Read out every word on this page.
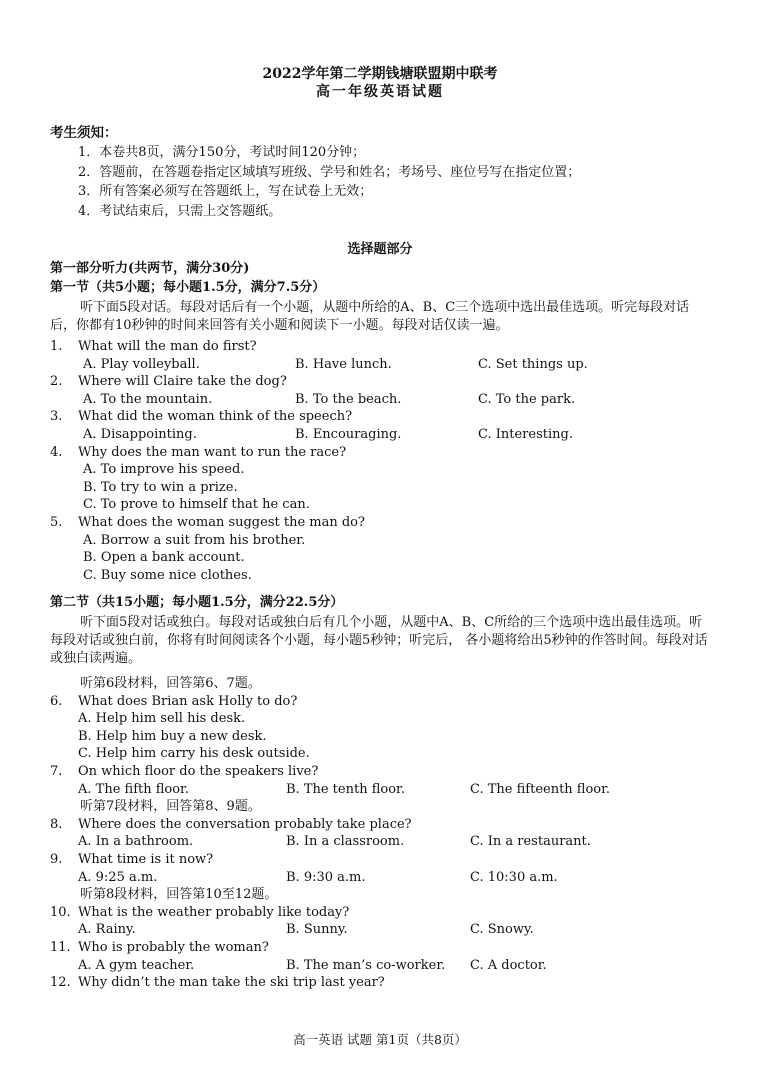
2022学年第二学期钱塘联盟期中联考
高一年级英语试题
考生须知：
1．本卷共8页，满分150分，考试时间120分钟；
2．答题前，在答题卷指定区域填写班级、学号和姓名；考场号、座位号写在指定位置；
3．所有答案必须写在答题纸上，写在试卷上无效；
4．考试结束后，只需上交答题纸。
选择题部分
第一部分听力(共两节，满分30分)
第一节（共5小题；每小题1.5分，满分7.5分）
听下面5段对话。每段对话后有一个小题，从题中所给的A、B、C三个选项中选出最佳选项。听完每段对话后，你都有10秒钟的时间来回答有关小题和阅读下一小题。每段对话仅读一遍。
1. What will the man do first?
A. Play volleyball.	B. Have lunch.	C. Set things up.
2. Where will Claire take the dog?
A. To the mountain.	B. To the beach.	C. To the park.
3. What did the woman think of the speech?
A. Disappointing.	B. Encouraging.	C. Interesting.
4. Why does the man want to run the race?
A. To improve his speed.
B. To try to win a prize.
C. To prove to himself that he can.
5. What does the woman suggest the man do?
A. Borrow a suit from his brother.
B. Open a bank account.
C. Buy some nice clothes.
第二节（共15小题；每小题1.5分，满分22.5分）
听下面5段对话或独白。每段对话或独白后有几个小题，从题中A、B、C所给的三个选项中选出最佳选项。听每段对话或独白前，你将有时间阅读各个小题，每小题5秒钟；听完后， 各小题将给出5秒钟的作答时间。每段对话或独白读两遍。
听第6段材料，回答第6、7题。
6. What does Brian ask Holly to do?
A. Help him sell his desk.
B. Help him buy a new desk.
C. Help him carry his desk outside.
7. On which floor do the speakers live?
A. The fifth floor.	B. The tenth floor.	C. The fifteenth floor.
听第7段材料，回答第8、9题。
8. Where does the conversation probably take place?
A. In a bathroom.	B. In a classroom.	C. In a restaurant.
9. What time is it now?
A. 9:25 a.m.	B. 9:30 a.m.	C. 10:30 a.m.
听第8段材料，回答第10至12题。
10. What is the weather probably like today?
A. Rainy.	B. Sunny.	C. Snowy.
11. Who is probably the woman?
A. A gym teacher.	B. The man’s co-worker. C. A doctor.
12. Why didn’t the man take the ski trip last year?
高一英语 试题 第1页（共8页）
